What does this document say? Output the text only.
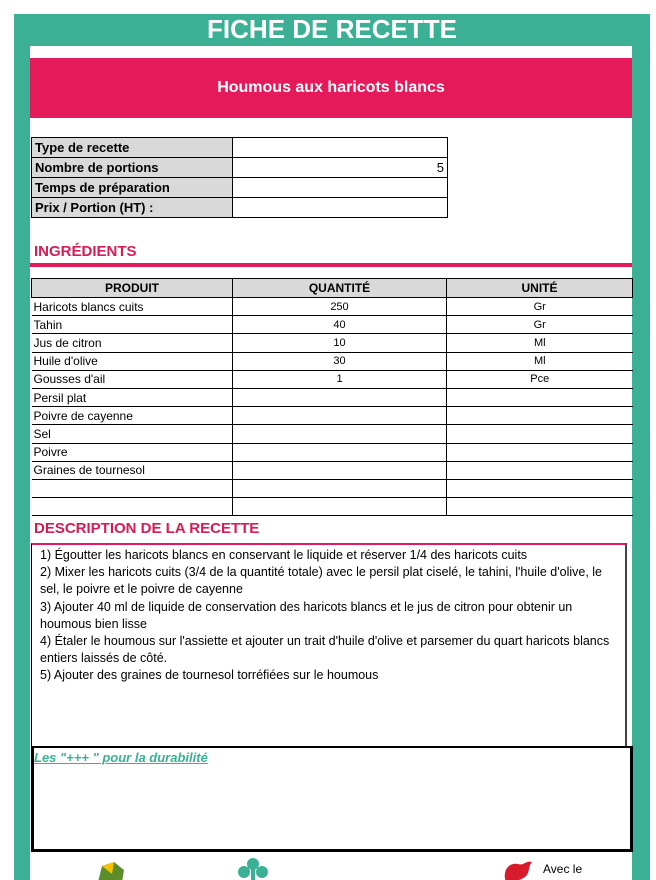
FICHE DE RECETTE
Houmous aux haricots blancs
Type de recette	
Nombre de portions	5
Temps de préparation	
Prix / Portion (HT) :	
INGRÉDIENTS
PRODUIT	QUANTITÉ	UNITÉ
Haricots blancs cuits	250	Gr
Tahin	40	Gr
Jus de citron	10	Ml
Huile d'olive	30	Ml
Gousses d'ail	1	Pce
Persil plat		
Poivre de cayenne		
Sel		
Poivre		
Graines de tournesol		

DESCRIPTION DE LA RECETTE

1) Égoutter les haricots blancs en conservant le liquide et réserver 1/4 des haricots cuits

2) Mixer les haricots cuits (3/4 de la quantité totale) avec le persil plat ciselé, le tahini, l'huile d'olive, le sel, le poivre et le poivre de cayenne

3) Ajouter 40 ml de liquide de conservation des haricots blancs et le jus de citron pour obtenir un houmous bien lisse

4) Étaler le houmous sur l'assiette et ajouter un trait d'huile d'olive et parsemer du quart haricots blancs entiers laissés de côté.

5) Ajouter des graines de tournesol torréfiées sur le houmous

Les "+++ " pour la durabilité
Avec le
